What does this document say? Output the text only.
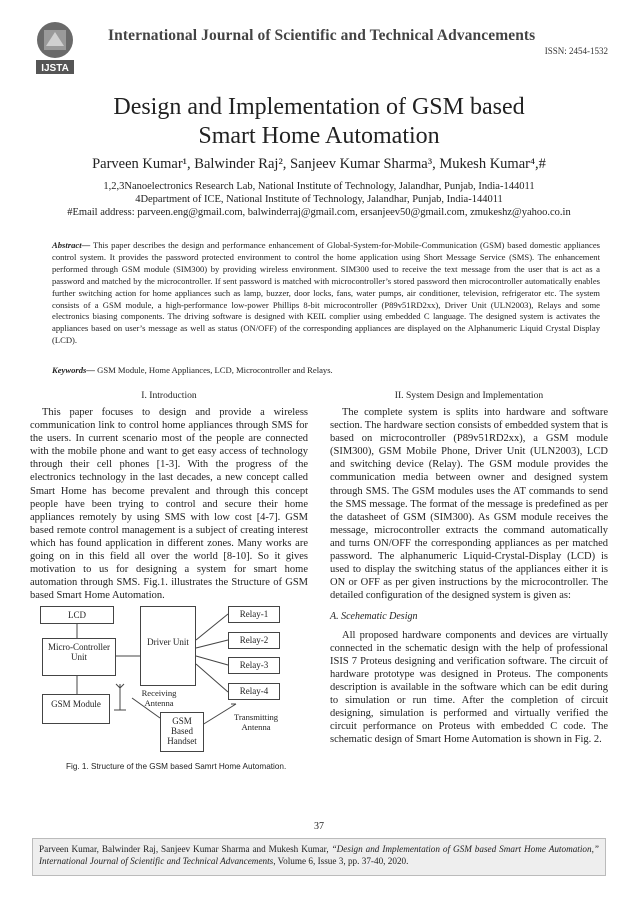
IJSTA
International Journal of Scientific and Technical Advancements
ISSN: 2454-1532
Design and Implementation of GSM based
Smart Home Automation
Parveen Kumar¹, Balwinder Raj², Sanjeev Kumar Sharma³, Mukesh Kumar⁴,#
1,2,3Nanoelectronics Research Lab, National Institute of Technology, Jalandhar, Punjab, India-144011
4Department of ICE, National Institute of Technology, Jalandhar, Punjab, India-144011
#Email address: parveen.eng@gmail.com, balwinderraj@gmail.com, ersanjeev50@gmail.com, zmukeshz@yahoo.co.in
Abstract— This paper describes the design and performance enhancement of Global-System-for-Mobile-Communication (GSM) based domestic appliances control system. It provides the password protected environment to control the home application using Short Message Service (SMS). The enhancement performed through GSM module (SIM300) by providing wireless environment. SIM300 used to receive the text message from the user that is act as a password and matched by the microcontroller. If sent password is matched with microcontroller’s stored password then microcontroller automatically enables further switching action for home appliances such as lamp, buzzer, door locks, fans, water pumps, air conditioner, television, refrigerator etc. The system consists of a GSM module, a high-performance low-power Phillips 8-bit microcontroller (P89v51RD2xx), Driver Unit (ULN2003), Relays and some electronics biasing components. The driving software is designed with KEIL complier using embedded C language. The designed system is activates the appliances based on user’s message as well as status (ON/OFF) of the corresponding appliances are displayed on the Alphanumeric Liquid Crystal Display (LCD).
Keywords— GSM Module, Home Appliances, LCD, Microcontroller and Relays.
I. Introduction

This paper focuses to design and provide a wireless communication link to control home appliances through SMS for the users. In current scenario most of the people are connected with the mobile phone and want to get easy access of technology through their cell phones [1-3]. With the progress of the electronics technology in the last decades, a new concept called Smart Home has become prevalent and through this concept people have been trying to control and secure their home appliances remotely by using SMS with low cost [4-7]. GSM based remote control management is a subject of creating interest which has found application in different zones. Many works are going on in this field all over the world [8-10]. So it gives motivation to us for designing a system for smart home automation through SMS. Fig.1. illustrates the Structure of GSM based Smart Home Automation.

LCD
Micro-Controller Unit
Driver Unit
Relay-1
Relay-2
Relay-3
Relay-4
GSM Module
Receiving Antenna
GSM Based Handset
Transmitting Antenna
Fig. 1. Structure of the GSM based Samrt Home Automation.
II. System Design and Implementation

The complete system is splits into hardware and software section. The hardware section consists of embedded system that is based on microcontroller (P89v51RD2xx), a GSM module (SIM300), GSM Mobile Phone, Driver Unit (ULN2003), LCD and switching device (Relay). The GSM module provides the communication media between owner and designed system through SMS. The GSM modules uses the AT commands to send the SMS message. The format of the message is predefined as per the datasheet of GSM (SIM300). As GSM module receives the message, microcontroller extracts the command automatically and turns ON/OFF the corresponding appliances as per matched password. The alphanumeric Liquid-Crystal-Display (LCD) is used to display the switching status of the appliances either it is ON or OFF as per given instructions by the microcontroller. The detailed configuration of the designed system is given as:

A. Scehematic Design

All proposed hardware components and devices are virtually connected in the schematic design with the help of professional ISIS 7 Proteus designing and verification software. The circuit of hardware prototype was designed in Proteus. The components description is available in the software which can be edit during to simulation or run time. After the completion of circuit designing, simulation is performed and virtually verified the circuit performance on Proteus with embedded C code. The schematic design of Smart Home Automation is shown in Fig. 2.

37
Parveen Kumar, Balwinder Raj, Sanjeev Kumar Sharma and Mukesh Kumar, “Design and Implementation of GSM based Smart Home Automation,” International Journal of Scientific and Technical Advancements, Volume 6, Issue 3, pp. 37-40, 2020.
